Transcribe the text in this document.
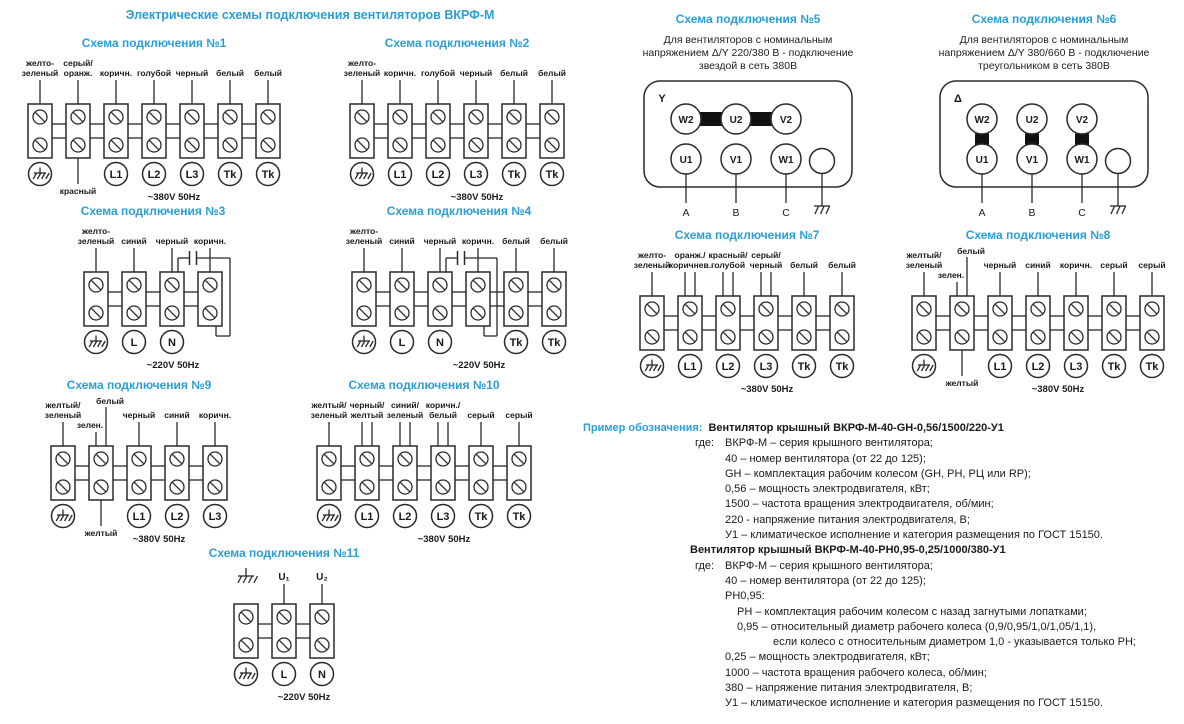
Электрические схемы подключения вентиляторов ВКРФ-М
Схема подключения №1
желто-
зеленый
серый/
оранж.
красный
коричн.
L1
голубой
L2
черный
L3
белый
Tk
белый
Tk
~380V 50Hz
Схема подключения №2
желто-
зеленый коричн.
L1
голубой
L2
черный
L3
белый
Tk
белый
Tk
~380V 50Hz
Схема подключения №3
желто-
зеленый синий
L
черный
N
коричн.
~220V 50Hz
Схема подключения №4
желто-
зеленый синий
L
черный
N
коричн. белый
Tk
белый
Tk
~220V 50Hz
Схема подключения №5
Для вентиляторов с номинальным
напряжением Δ/Y 220/380 В - подключение
звездой в сеть 380В
Y
W2	U2	V2
U1
A
V1
B
W1
C
Схема подключения №6
Для вентиляторов с номинальным
напряжением Δ/Y 380/660 В - подключение
треугольником в сеть 380В
Δ
W2	U2	V2
U1
A
V1
B
W1
C
Схема подключения №7
желто-
зеленый
оранж./
коричнев.
L1
красный/
голубой
L2
серый/
черный
L3
белый
Tk
белый
Tk
~380V 50Hz
Схема подключения №8
желтый/
зеленый
зелен.
белый
желтый
черный
L1
синий
L2
коричн.
L3
серый
Tk
серый
Tk
~380V 50Hz
Схема подключения №9
желтый/
зеленый
зелен.
белый
желтый
черный
L1
синий
L2
коричн.
L3
~380V 50Hz
Схема подключения №10
желтый/
зеленый
черный/
желтый
L1
синий/
зеленый
L2
коричн./
белый
L3
серый
Tk
серый
Tk
~380V 50Hz
Схема подключения №11
U₁
L
U₂
N
~220V 50Hz
Пример обозначения: Вентилятор крышный ВКРФ-М-40-GH-0,56/1500/220-У1
где: ВКРФ-М – серия крышного вентилятора;
40 – номер вентилятора (от 22 до 125);
GH – комплектация рабочим колесом (GH, PH, РЦ или RP);
0,56 – мощность электродвигателя, кВт;
1500 – частота вращения электродвигателя, об/мин;
220 - напряжение питания электродвигателя, В;
У1 – климатическое исполнение и категория размещения по ГОСТ 15150.
Вентилятор крышный ВКРФ-М-40-РН0,95-0,25/1000/380-У1
где: ВКРФ-М – серия крышного вентилятора;
40 – номер вентилятора (от 22 до 125);
РН0,95:
РН – комплектация рабочим колесом с назад загнутыми лопатками;
0,95 – относительный диаметр рабочего колеса (0,9/0,95/1,0/1,05/1,1),
если колесо с относительным диаметром 1,0 - указывается только РН;
0,25 – мощность электродвигателя, кВт;
1000 – частота вращения рабочего колеса, об/мин;
380 – напряжение питания электродвигателя, В;
У1 – климатическое исполнение и категория размещения по ГОСТ 15150.
